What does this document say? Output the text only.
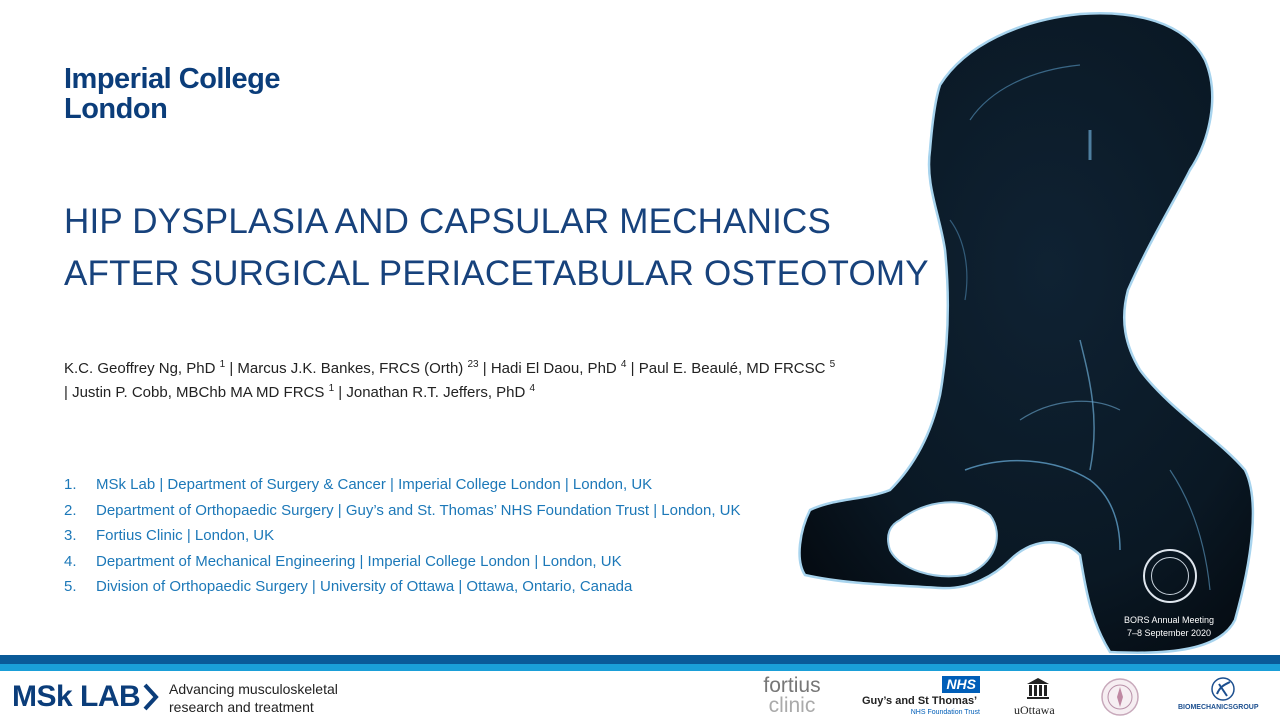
Imperial College
London
HIP DYSPLASIA AND CAPSULAR MECHANICS
AFTER SURGICAL PERIACETABULAR OSTEOTOMY
K.C. Geoffrey Ng, PhD $^1$ | Marcus J.K. Bankes, FRCS (Orth) $^{23}$ | Hadi El Daou, PhD $^4$ | Paul E. Beaulé, MD FRCSC $^5$
| Justin P. Cobb, MBChb MA MD FRCS $^1$ | Jonathan R.T. Jeffers, PhD $^4$
1. MSk Lab | Department of Surgery & Cancer | Imperial College London | London, UK
2. Department of Orthopaedic Surgery | Guy’s and St. Thomas’ NHS Foundation Trust | London, UK
3. Fortius Clinic | London, UK
4. Department of Mechanical Engineering | Imperial College London | London, UK
5. Division of Orthopaedic Surgery | University of Ottawa | Ottawa, Ontario, Canada
BORS Annual Meeting
7–8 September 2020
MSk LAB Advancing musculoskeletal
research and treatment
fortius
clinic
NHS
Guy’s and St Thomas’
NHS Foundation Trust	uOttawa	BIOMECHANICSGROUP
